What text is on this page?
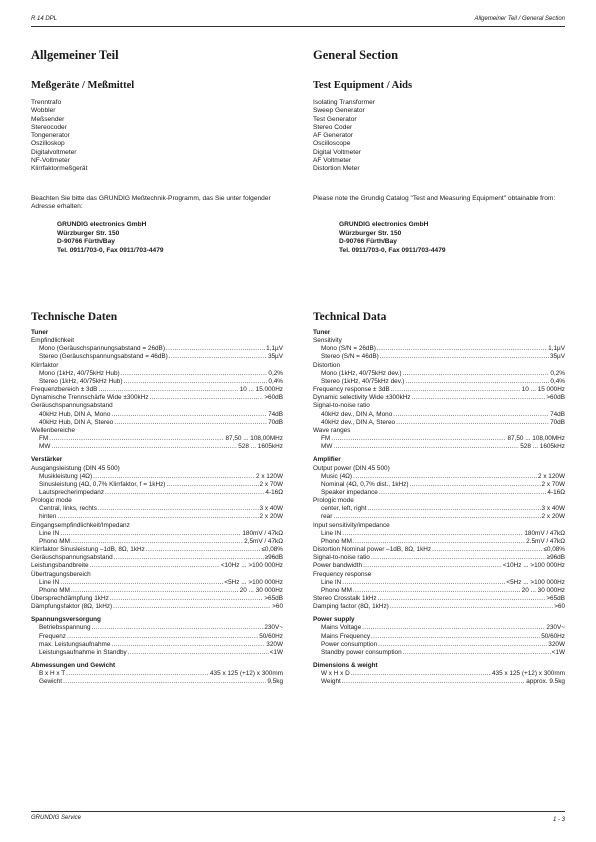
R 14 DPL	Allgemeiner Teil / General Section
Allgemeiner Teil
Meßgeräte / Meßmittel
Trenntrafo
Wobbler
Meßsender
Stereocoder
Tongenerator
Oszilloskop
Digitalvoltmeter
NF-Voltmeter
Klirrfaktormeßgerät

Beachten Sie bitte das GRUNDIG Meßtechnik-Programm, das Sie unter folgender Adresse erhalten:

GRUNDIG electronics GmbH
Würzburger Str. 150
D-90766 Fürth/Bay
Tel. 0911/703-0, Fax 0911/703-4479
Technische Daten
Tuner
Empfindlichkeit
Mono (Geräuschspannungsabstand = 26dB) .....	1,1µV
Stereo (Geräuschspannungsabstand = 46dB) .....	35µV
Klirrfaktor
Mono (1kHz, 40/75kHz Hub) .....	0,2%
Stereo (1kHz, 40/75kHz Hub) .....	0,4%
Frequenzbereich ± 3dB .....	10 ... 15.000Hz
Dynamische Trennschärfe Wide ±300kHz .....	>60dB
Geräuschspannungsabstand
40kHz Hub, DIN A, Mono .....	74dB
40kHz Hub, DIN A, Stereo .....	70dB
Wellenbereiche
FM .....	87,50 ... 108,00MHz
MW .....	528 ... 1605kHz
Verstärker
Ausgangsleistung (DIN 45 500)
Musikleistung (4Ω) .....	2 x 120W
Sinusleistung (4Ω, 0,7% Klirrfaktor, f = 1kHz) .....	2 x 70W
Lautsprecherimpedanz .....	4-16Ω
Prologic mode
Central, links, rechts .....	3 x 40W
hinten .....	2 x 20W
Eingangsempfindlichkeit/Impedanz
Line IN .....	180mV / 47kΩ
Phono MM .....	2,5mV / 47kΩ
Klirrfaktor Sinusleistung –1dB, 8Ω, 1kHz .....	≤0,08%
Geräuschspannungsabstand .....	≥96dB
Leistungsbandbreite .....	<10Hz ... >100 000Hz
Übertragungsbereich
Line IN .....	<5Hz ... >100 000Hz
Phono MM .....	20 ... 30 000Hz
Übersprechdämpfung 1kHz .....	>65dB
Dämpfungsfaktor (8Ω, 1kHz) .....	>60
Spannungsversorgung
Betriebsspannung .....	230V~
Frequenz .....	50/60Hz
max. Leistungsaufnahme .....	320W
Leistungsaufnahme in Standby .....	<1W
Abmessungen und Gewicht
B x H x T .....	435 x 125 (+12) x 300mm
Gewicht .....	9,5kg
General Section
Test Equipment / Aids
Isolating Transformer
Sweep Generator
Test Generator
Stereo Coder
AF Generator
Oscilloscope
Digital Voltmeter
AF Voltmeter
Distortion Meter

Please note the Grundig Catalog "Test and Measuring Equipment" obtainable from:

GRUNDIG electronics GmbH
Würzburger Str. 150
D-90766 Fürth/Bay
Tel. 0911/703-0, Fax 0911/703-4479
Technical Data
Tuner
Sensitivity
Mono (S/N = 26dB) .....	1,1µV
Stereo (S/N = 46dB) .....	35µV
Distortion
Mono (1kHz, 40/75kHz dev.) .....	0,2%
Stereo (1kHz, 40/75kHz dev.) .....	0,4%
Frequency response ± 3dB .....	10 ... 15 000Hz
Dynamic selectivity Wide ±300kHz .....	>60dB
Signal-to-noise ratio
40kHz dev., DIN A, Mono .....	74dB
40kHz dev., DIN A, Stereo .....	70dB
Wave ranges
FM .....	87,50 ... 108,00MHz
MW .....	528 ... 1605kHz
Amplifier
Output power (DIN 45 500)
Music (4Ω) .....	2 x 120W
Nominal (4Ω, 0,7% dist., 1kHz) .....	2 x 70W
Speaker impedance .....	4-16Ω
Prologic mode
center, left, right .....	3 x 40W
rear .....	2 x 20W
Input sensitivity/impedance
Line IN .....	180mV / 47kΩ
Phono MM .....	2.5mV / 47kΩ
Distortion Nominal power –1dB, 8Ω, 1kHz .....	≤0,08%
Signal-to-noise ratio .....	≥96dB
Power bandwidth .....	<10Hz ... >100 000Hz
Frequency response
Line IN .....	<5Hz ... >100 000Hz
Phono MM .....	20 ... 30 000Hz
Stereo Crosstalk 1kHz .....	>65dB
Damping factor (8Ω, 1kHz) .....	>60
Power supply
Mains Voltage .....	230V~
Mains Frequency .....	50/60Hz
Power consumption .....	320W
Standby power consumption .....	<1W
Dimensions & weight
W x H x D .....	435 x 125 (+12) x 300mm
Weight .....	approx. 9.5kg
GRUNDIG Service	1 - 3
